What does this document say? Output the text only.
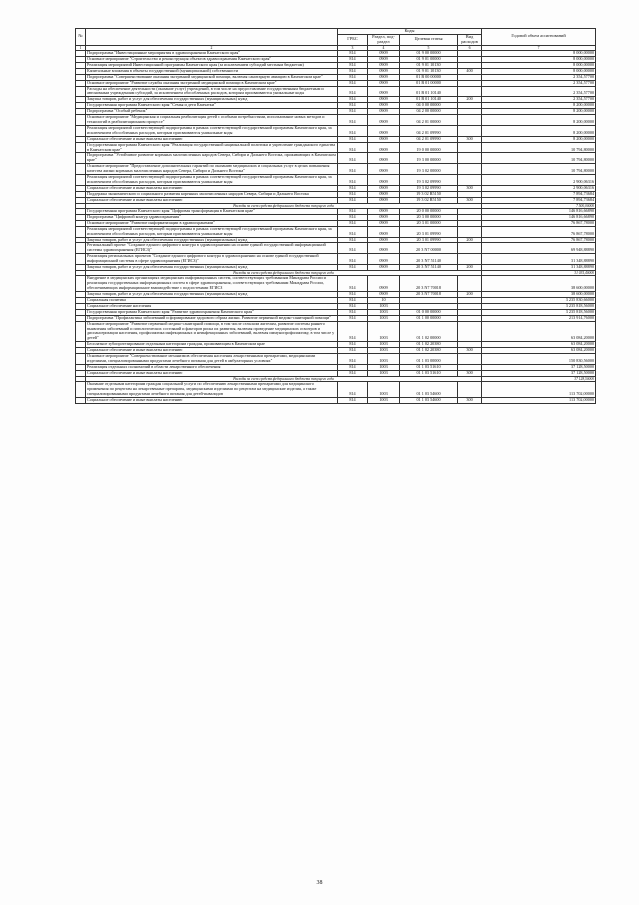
№		Коды				Годовой объем ассигнований
		ГРБС	Раздел, под-раздел	Целевая статья	Вид расходов	
1	2	3	4	5	6	7
	Подпрограмма "Инвестиционные мероприятия в здравоохранении Камчатского края"	814	0909	01 9 00 00000		8 000,00000
	Основное мероприятие "Строительство и реконструкция объектов здравоохранения Камчатского края"	814	0909	01 9 01 00000		8 000,00000
	Реализация мероприятий Инвестиционной программы Камчатского края (за исключением субсидий местным бюджетам)	814	0909	01 9 01 10130		8 000,00000
	Капитальные вложения в объекты государственной (муниципальной) собственности	814	0909	01 9 01 10130	400	8 000,00000
	Подпрограмма "Совершенствование оказания экстренной медицинской помощи, включая санитарную авиацию в Камчатском крае"	814	0909	01 В 00 00000		2 354,57700
	Основное мероприятие "Развитие службы оказания экстренной медицинской помощи в Камчатском крае"	814	0909	01 В 01 00000		2 354,57700
	Расходы на обеспечение деятельности (оказание услуг) учреждений, в том числе на предоставление государственным бюджетным и автономным учреждениям субсидий, за исключением обособленных расходов, которым присваиваются уникальные коды	814	0909	01 В 01 10140		2 354,57700
	Закупка товаров, работ и услуг для обеспечения государственных (муниципальных) нужд	814	0909	01 В 01 10140	200	2 354,57700
	Государственная программа Камчатского края "Семья и дети Камчатки"	814	0909	04 0 00 00000		8 200,00000
	Подпрограмма "Особый ребенок"	814	0909	04 2 00 00000		8 200,00000
	Основное мероприятие "Медицинская и социальная реабилитация детей с особыми потребностями, использование новых методов и технологий в реабилитационном процессе"	814	0909	04 2 01 00000		8 200,00000
	Реализация мероприятий соответствующей подпрограммы в рамках соответствующей государственной программы Камчатского края, за исключением обособленных расходов, которым присваиваются уникальные коды	814	0909	04 2 01 09990		8 200,00000
	Социальное обеспечение и иные выплаты населению	814	0909	04 2 01 09990	300	8 200,00000
	Государственная программа Камчатского края "Реализация государственной национальной политики и укрепление гражданского единства в Камчатском крае"	814	0909	19 0 00 00000		10 794,80000
	Подпрограмма "Устойчивое развитие коренных малочисленных народов Севера, Сибири и Дальнего Востока, проживающих в Камчатском крае"	814	0909	19 3 00 00000		10 794,80000
	Основное мероприятие "Предоставление дополнительных гарантий по оказанию медицинских и социальных услуг в целях повышения качества жизни коренных малочисленных народов Севера, Сибири и Дальнего Востока"	814	0909	19 3 02 00000		10 794,80000
	Реализация мероприятий соответствующей подпрограммы в рамках соответствующей государственной программы Камчатского края, за исключением обособленных расходов, которым присваиваются уникальные коды	814	0909	19 3 02 09990		2 900,06316
	Социальное обеспечение и иные выплаты населению	814	0909	19 3 02 09990	300	2 900,06316
	Поддержка экономического и социального развития коренных малочисленных народов Севера, Сибири и Дальнего Востока	814	0909	19 3 02 R5150		7 894,73684
	Социальное обеспечение и иные выплаты населению	814	0909	19 3 02 R5150	300	7 894,73684
	Расходы за счет средств федерального бюджета текущего года					7 500,00000
	Государственная программа Камчатского края "Цифровая трансформация в Камчатском крае"	814	0909	20 0 00 00000		146 816,66890
	Подпрограмма "Цифровой контур здравоохранения"	814	0909	20 3 00 00000		146 816,66890
	Основное мероприятие "Развитие информатизации в здравоохранении"	814	0909	20 3 01 00000		76 867,78000
	Реализация мероприятий соответствующей подпрограммы в рамках соответствующей государственной программы Камчатского края, за исключением обособленных расходов, которым присваиваются уникальные коды	814	0909	20 3 01 09990		76 867,78000
	Закупка товаров, работ и услуг для обеспечения государственных (муниципальных) нужд	814	0909	20 3 01 09990	200	76 867,78000
	Региональный проект "Создание единого цифрового контура в здравоохранении на основе единой государственной информационной системы здравоохранения (ЕГИСЗ)"	814	0909	20 3 N7 00000		69 948,88890
	Реализация региональных проектов "Создание единого цифрового контура в здравоохранении на основе единой государственной информационной системы в сфере здравоохранения (ЕГИСЗ)"	814	0909	20 3 N7 51140		31 348,88890
	Закупка товаров, работ и услуг для обеспечения государственных (муниципальных) нужд	814	0909	20 3 N7 51140	200	31 348,88890
	Расходы за счет средств федерального бюджета текущего года					31 035,40000
	Внедрение в медицинских организациях медицинских информационных систем, соответствующих требованиям Минздрава России и реализация государственных информационных систем в сфере здравоохранения, соответствующих требованиям Минздрава России, обеспечивающих информационное взаимодействие с подсистемами ЕГИСЗ	814	0909	20 3 N7 70018		38 600,00000
	Закупка товаров, работ и услуг для обеспечения государственных (муниципальных) нужд	814	0909	20 3 N7 70018	200	38 600,00000
	Социальная политика	814	10			3 235 830,66000
	Социальное обеспечение населения	814	1003			3 235 818,56000
	Государственная программа Камчатского края "Развитие здравоохранения Камчатского края"	814	1003	01 0 00 00000		3 235 818,56000
	Подпрограмма "Профилактика заболеваний и формирование здорового образа жизни. Развитие первичной медико-санитарной помощи"	814	1003	01 1 00 00000		213 914,76000
	Основное мероприятие "Развитие первичной медико-санитарной помощи, в том числе сельским жителям, развитие системы раннего выявления заболеваний и патологических состояний и факторов риска их развития, включая проведение медицинских осмотров и диспансеризации населения, профилактика инфекционных и неинфекционных заболеваний, включая иммунопрофилактику, в том числе у детей"	814	1003	01 1 02 00000		63 084,20000
	Бесплатное зубопротезирование отдельным категориям граждан, проживающим в Камчатском крае	814	1003	01 1 02 20380		63 084,20000
	Социальное обеспечение и иные выплаты населению	814	1003	01 1 02 20380	300	63 084,20000
	Основное мероприятие "Совершенствование механизмов обеспечения населения лекарственными препаратами, медицинскими изделиями, специализированными продуктами лечебного питания для детей в амбулаторных условиях"	814	1003	01 1 03 00000		150 830,56000
	Реализация отдельных полномочий в области лекарственного обеспечения	814	1003	01 1 03 51610		37 128,50000
	Социальное обеспечение и иные выплаты населению	814	1003	01 1 03 51610	300	37 128,50000
	Расходы за счет средств федерального бюджета текущего года					37 128,50000
	Оказание отдельным категориям граждан социальной услуги по обеспечению лекарственными препаратами для медицинского применения по рецептам на лекарственные препараты, медицинскими изделиями по рецептам на медицинские изделия, а также специализированными продуктами лечебного питания для детей-инвалидов	814	1003	01 1 03 54600		113 702,00000
	Социальное обеспечение и иные выплаты населению	814	1003	01 1 03 54600	300	113 702,00000
38
